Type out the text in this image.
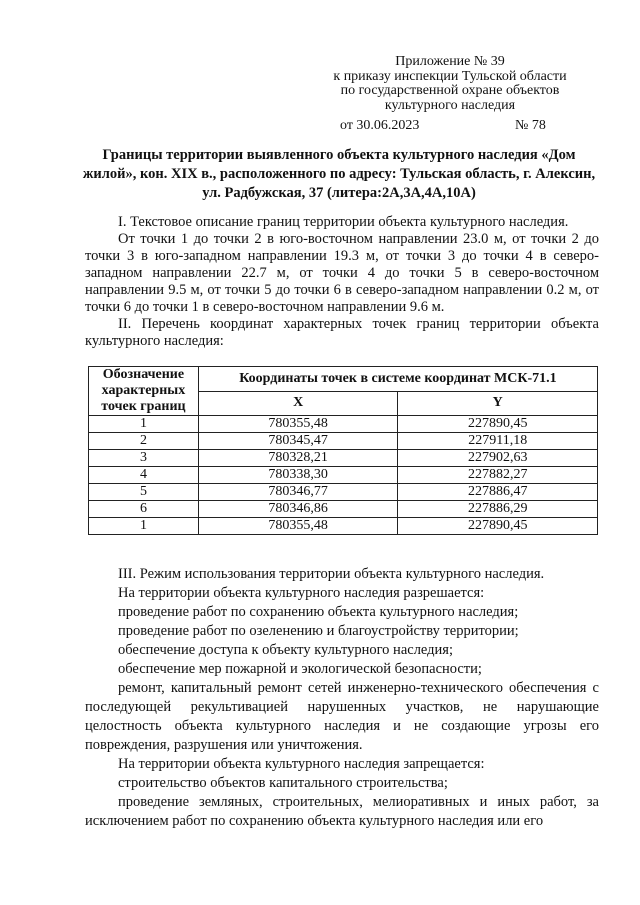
Приложение № 39
к приказу инспекции Тульской области
по государственной охране объектов
культурного наследия
от 30.06.2023	№ 78
Границы территории выявленного объекта культурного наследия «Дом жилой», кон. XIX в., расположенного по адресу: Тульская область, г. Алексин, ул. Радбужская, 37 (литера:2А,3А,4А,10А)

I. Текстовое описание границ территории объекта культурного наследия.

От точки 1 до точки 2 в юго-восточном направлении 23.0 м, от точки 2 до точки 3 в юго-западном направлении 19.3 м, от точки 3 до точки 4 в северо-западном направлении 22.7 м, от точки 4 до точки 5 в северо-восточном направлении 9.5 м, от точки 5 до точки 6 в северо-западном направлении 0.2 м, от точки 6 до точки 1 в северо-восточном направлении 9.6 м.

II. Перечень координат характерных точек границ территории объекта культурного наследия:

Обозначение характерных точек границ	Координаты точек в системе координат МСК-71.1	
	X	Y
1	780355,48	227890,45
2	780345,47	227911,18
3	780328,21	227902,63
4	780338,30	227882,27
5	780346,77	227886,47
6	780346,86	227886,29
1	780355,48	227890,45

III. Режим использования территории объекта культурного наследия.

На территории объекта культурного наследия разрешается:

проведение работ по сохранению объекта культурного наследия;

проведение работ по озеленению и благоустройству территории;

обеспечение доступа к объекту культурного наследия;

обеспечение мер пожарной и экологической безопасности;

ремонт, капитальный ремонт сетей инженерно-технического обеспечения с последующей рекультивацией нарушенных участков, не нарушающие целостность объекта культурного наследия и не создающие угрозы его повреждения, разрушения или уничтожения.

На территории объекта культурного наследия запрещается:

строительство объектов капитального строительства;

проведение земляных, строительных, мелиоративных и иных работ, за исключением работ по сохранению объекта культурного наследия или его
